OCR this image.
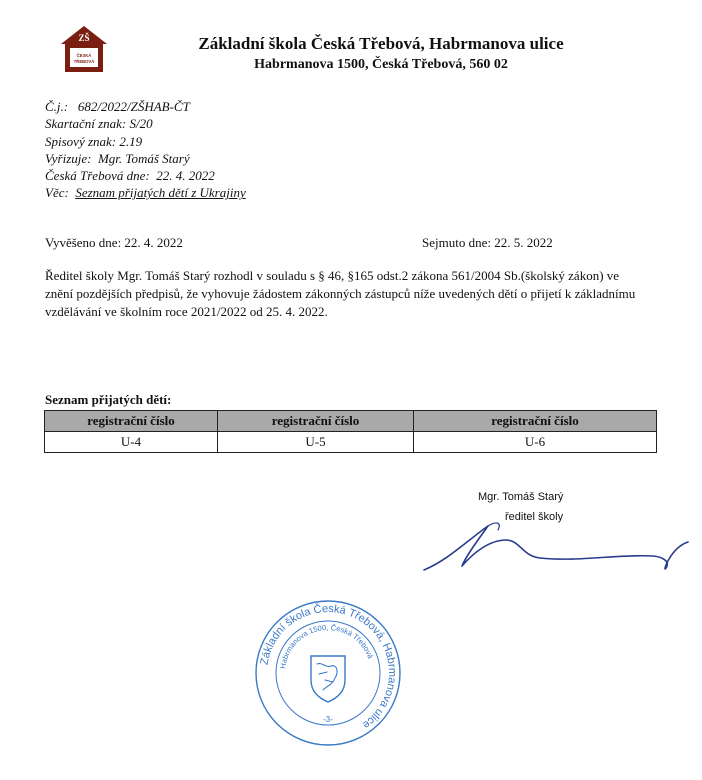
ZŠ
ČESKÁ
TŘEBOVÁ
Základní škola Česká Třebová, Habrmanova ulice
Habrmanova 1500, Česká Třebová, 560 02
Č.j.: 682/2022/ZŠHAB-ČT
Skartační znak: S/20
Spisový znak: 2.19
Vyřizuje: Mgr. Tomáš Starý
Česká Třebová dne: 22. 4. 2022
Věc: Seznam přijatých dětí z Ukrajiny
Vyvěšeno dne: 22. 4. 2022	Sejmuto dne: 22. 5. 2022
Ředitel školy Mgr. Tomáš Starý rozhodl v souladu s § 46, §165 odst.2 zákona 561/2004 Sb.(školský zákon) ve znění pozdějších předpisů, že vyhovuje žádostem zákonných zástupců níže uvedených dětí o přijetí k základnímu vzdělávání ve školním roce 2021/2022 od 25. 4. 2022.
Seznam přijatých dětí:
registrační číslo	registrační číslo	registrační číslo
U-4	U-5	U-6
Mgr. Tomáš Starý
ředitel školy
Základní škola Česká Třebová, Habrmanova ulice
Habrmanova 1500, Česká Třebová
-3-
